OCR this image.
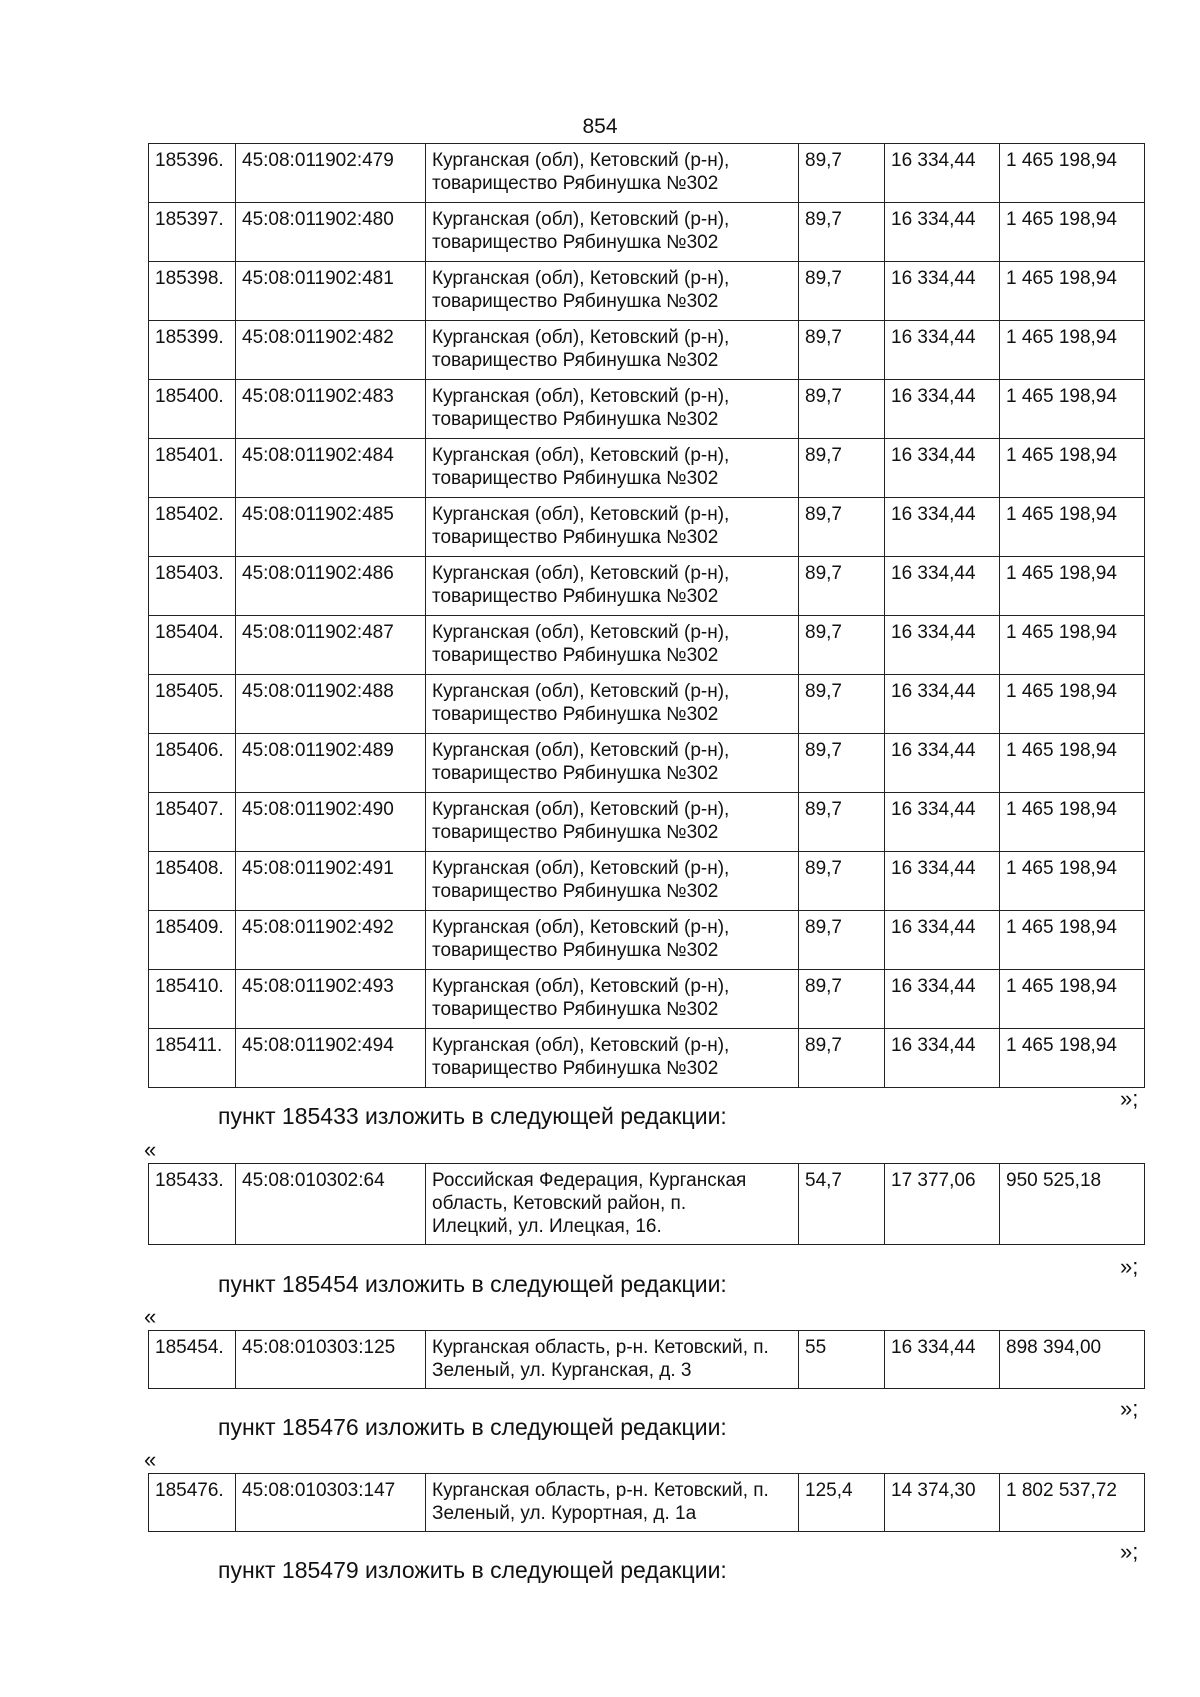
854
185396.	45:08:011902:479	Курганская (обл), Кетовский (р-н),
товарищество Рябинушка №302	89,7	16 334,44	1 465 198,94
185397.	45:08:011902:480	Курганская (обл), Кетовский (р-н),
товарищество Рябинушка №302	89,7	16 334,44	1 465 198,94
185398.	45:08:011902:481	Курганская (обл), Кетовский (р-н),
товарищество Рябинушка №302	89,7	16 334,44	1 465 198,94
185399.	45:08:011902:482	Курганская (обл), Кетовский (р-н),
товарищество Рябинушка №302	89,7	16 334,44	1 465 198,94
185400.	45:08:011902:483	Курганская (обл), Кетовский (р-н),
товарищество Рябинушка №302	89,7	16 334,44	1 465 198,94
185401.	45:08:011902:484	Курганская (обл), Кетовский (р-н),
товарищество Рябинушка №302	89,7	16 334,44	1 465 198,94
185402.	45:08:011902:485	Курганская (обл), Кетовский (р-н),
товарищество Рябинушка №302	89,7	16 334,44	1 465 198,94
185403.	45:08:011902:486	Курганская (обл), Кетовский (р-н),
товарищество Рябинушка №302	89,7	16 334,44	1 465 198,94
185404.	45:08:011902:487	Курганская (обл), Кетовский (р-н),
товарищество Рябинушка №302	89,7	16 334,44	1 465 198,94
185405.	45:08:011902:488	Курганская (обл), Кетовский (р-н),
товарищество Рябинушка №302	89,7	16 334,44	1 465 198,94
185406.	45:08:011902:489	Курганская (обл), Кетовский (р-н),
товарищество Рябинушка №302	89,7	16 334,44	1 465 198,94
185407.	45:08:011902:490	Курганская (обл), Кетовский (р-н),
товарищество Рябинушка №302	89,7	16 334,44	1 465 198,94
185408.	45:08:011902:491	Курганская (обл), Кетовский (р-н),
товарищество Рябинушка №302	89,7	16 334,44	1 465 198,94
185409.	45:08:011902:492	Курганская (обл), Кетовский (р-н),
товарищество Рябинушка №302	89,7	16 334,44	1 465 198,94
185410.	45:08:011902:493	Курганская (обл), Кетовский (р-н),
товарищество Рябинушка №302	89,7	16 334,44	1 465 198,94
185411.	45:08:011902:494	Курганская (обл), Кетовский (р-н),
товарищество Рябинушка №302	89,7	16 334,44	1 465 198,94
»;
пункт 185433 изложить в следующей редакции:
«
185433.	45:08:010302:64	Российская Федерация, Курганская
область, Кетовский район, п.
Илецкий, ул. Илецкая, 16.
	54,7	17 377,06	950 525,18
»;
пункт 185454 изложить в следующей редакции:
«
185454.	45:08:010303:125	Курганская область, р-н. Кетовский, п.
Зеленый, ул. Курганская, д. 3
	55	16 334,44	898 394,00
»;
пункт 185476 изложить в следующей редакции:
«
185476.	45:08:010303:147	Курганская область, р-н. Кетовский, п.
Зеленый, ул. Курортная, д. 1а
	125,4	14 374,30	1 802 537,72
»;
пункт 185479 изложить в следующей редакции:
